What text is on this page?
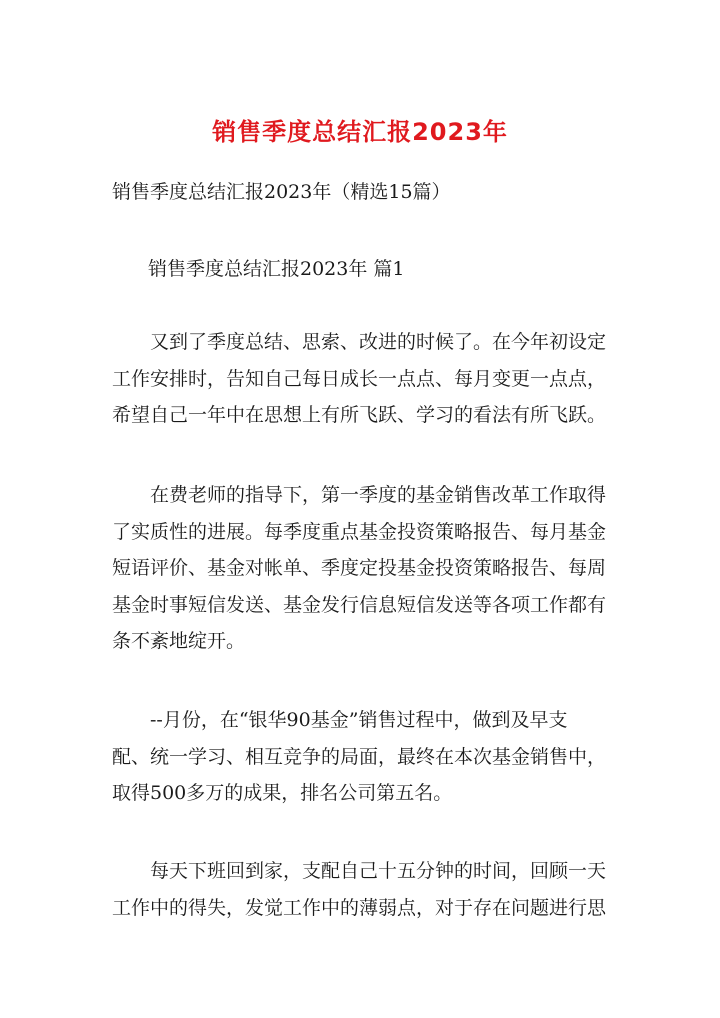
销售季度总结汇报2023年
销售季度总结汇报2023年（精选15篇）
销售季度总结汇报2023年 篇1
又到了季度总结、思索、改进的时候了。在今年初设定
工作安排时，告知自己每日成长一点点、每月变更一点点，
希望自己一年中在思想上有所飞跃、学习的看法有所飞跃。
在费老师的指导下，第一季度的基金销售改革工作取得
了实质性的进展。每季度重点基金投资策略报告、每月基金
短语评价、基金对帐单、季度定投基金投资策略报告、每周
基金时事短信发送、基金发行信息短信发送等各项工作都有
条不紊地绽开。
--月份，在“银华90基金”销售过程中，做到及早支
配、统一学习、相互竞争的局面，最终在本次基金销售中，
取得500多万的成果，排名公司第五名。
每天下班回到家，支配自己十五分钟的时间，回顾一天
工作中的得失，发觉工作中的薄弱点，对于存在问题进行思
